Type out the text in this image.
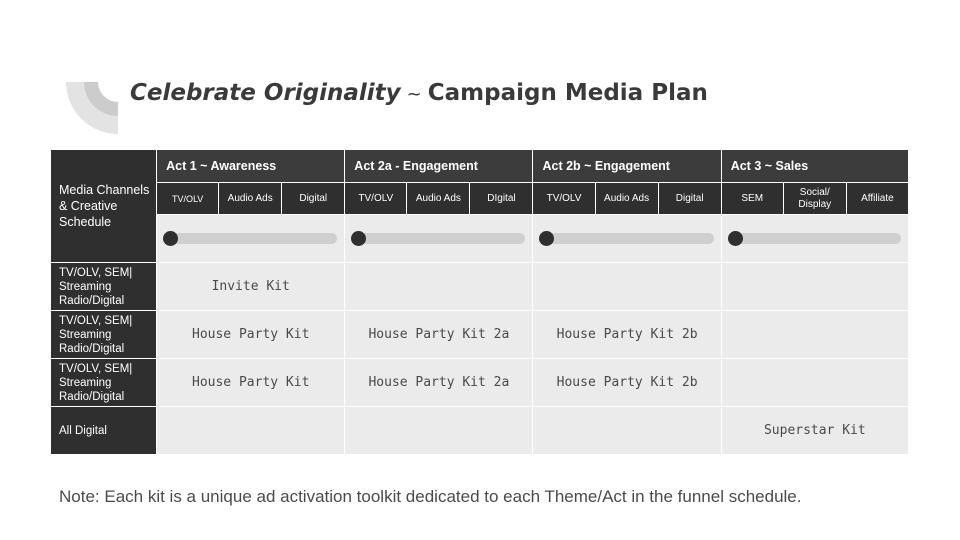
Celebrate Originality ~ Campaign Media Plan
Media Channels & Creative Schedule	Act 1 ~ Awareness			Act 2a - Engagement			Act 2b ~ Engagement			Act 3 ~ Sales		
	TV/OLV	Audio Ads	Digital	TV/OLV	Audio Ads	DIgital	TV/OLV	Audio Ads	Digital	SEM	Social/ Display	Affiliate

TV/OLV, SEM| Streaming Radio/Digital	Invite Kit											
TV/OLV, SEM| Streaming Radio/Digital	House Party Kit			House Party Kit 2a			House Party Kit 2b					
TV/OLV, SEM| Streaming Radio/Digital	House Party Kit			House Party Kit 2a			House Party Kit 2b					
All Digital										Superstar Kit		
Note: Each kit is a unique ad activation toolkit dedicated to each Theme/Act in the funnel schedule.
